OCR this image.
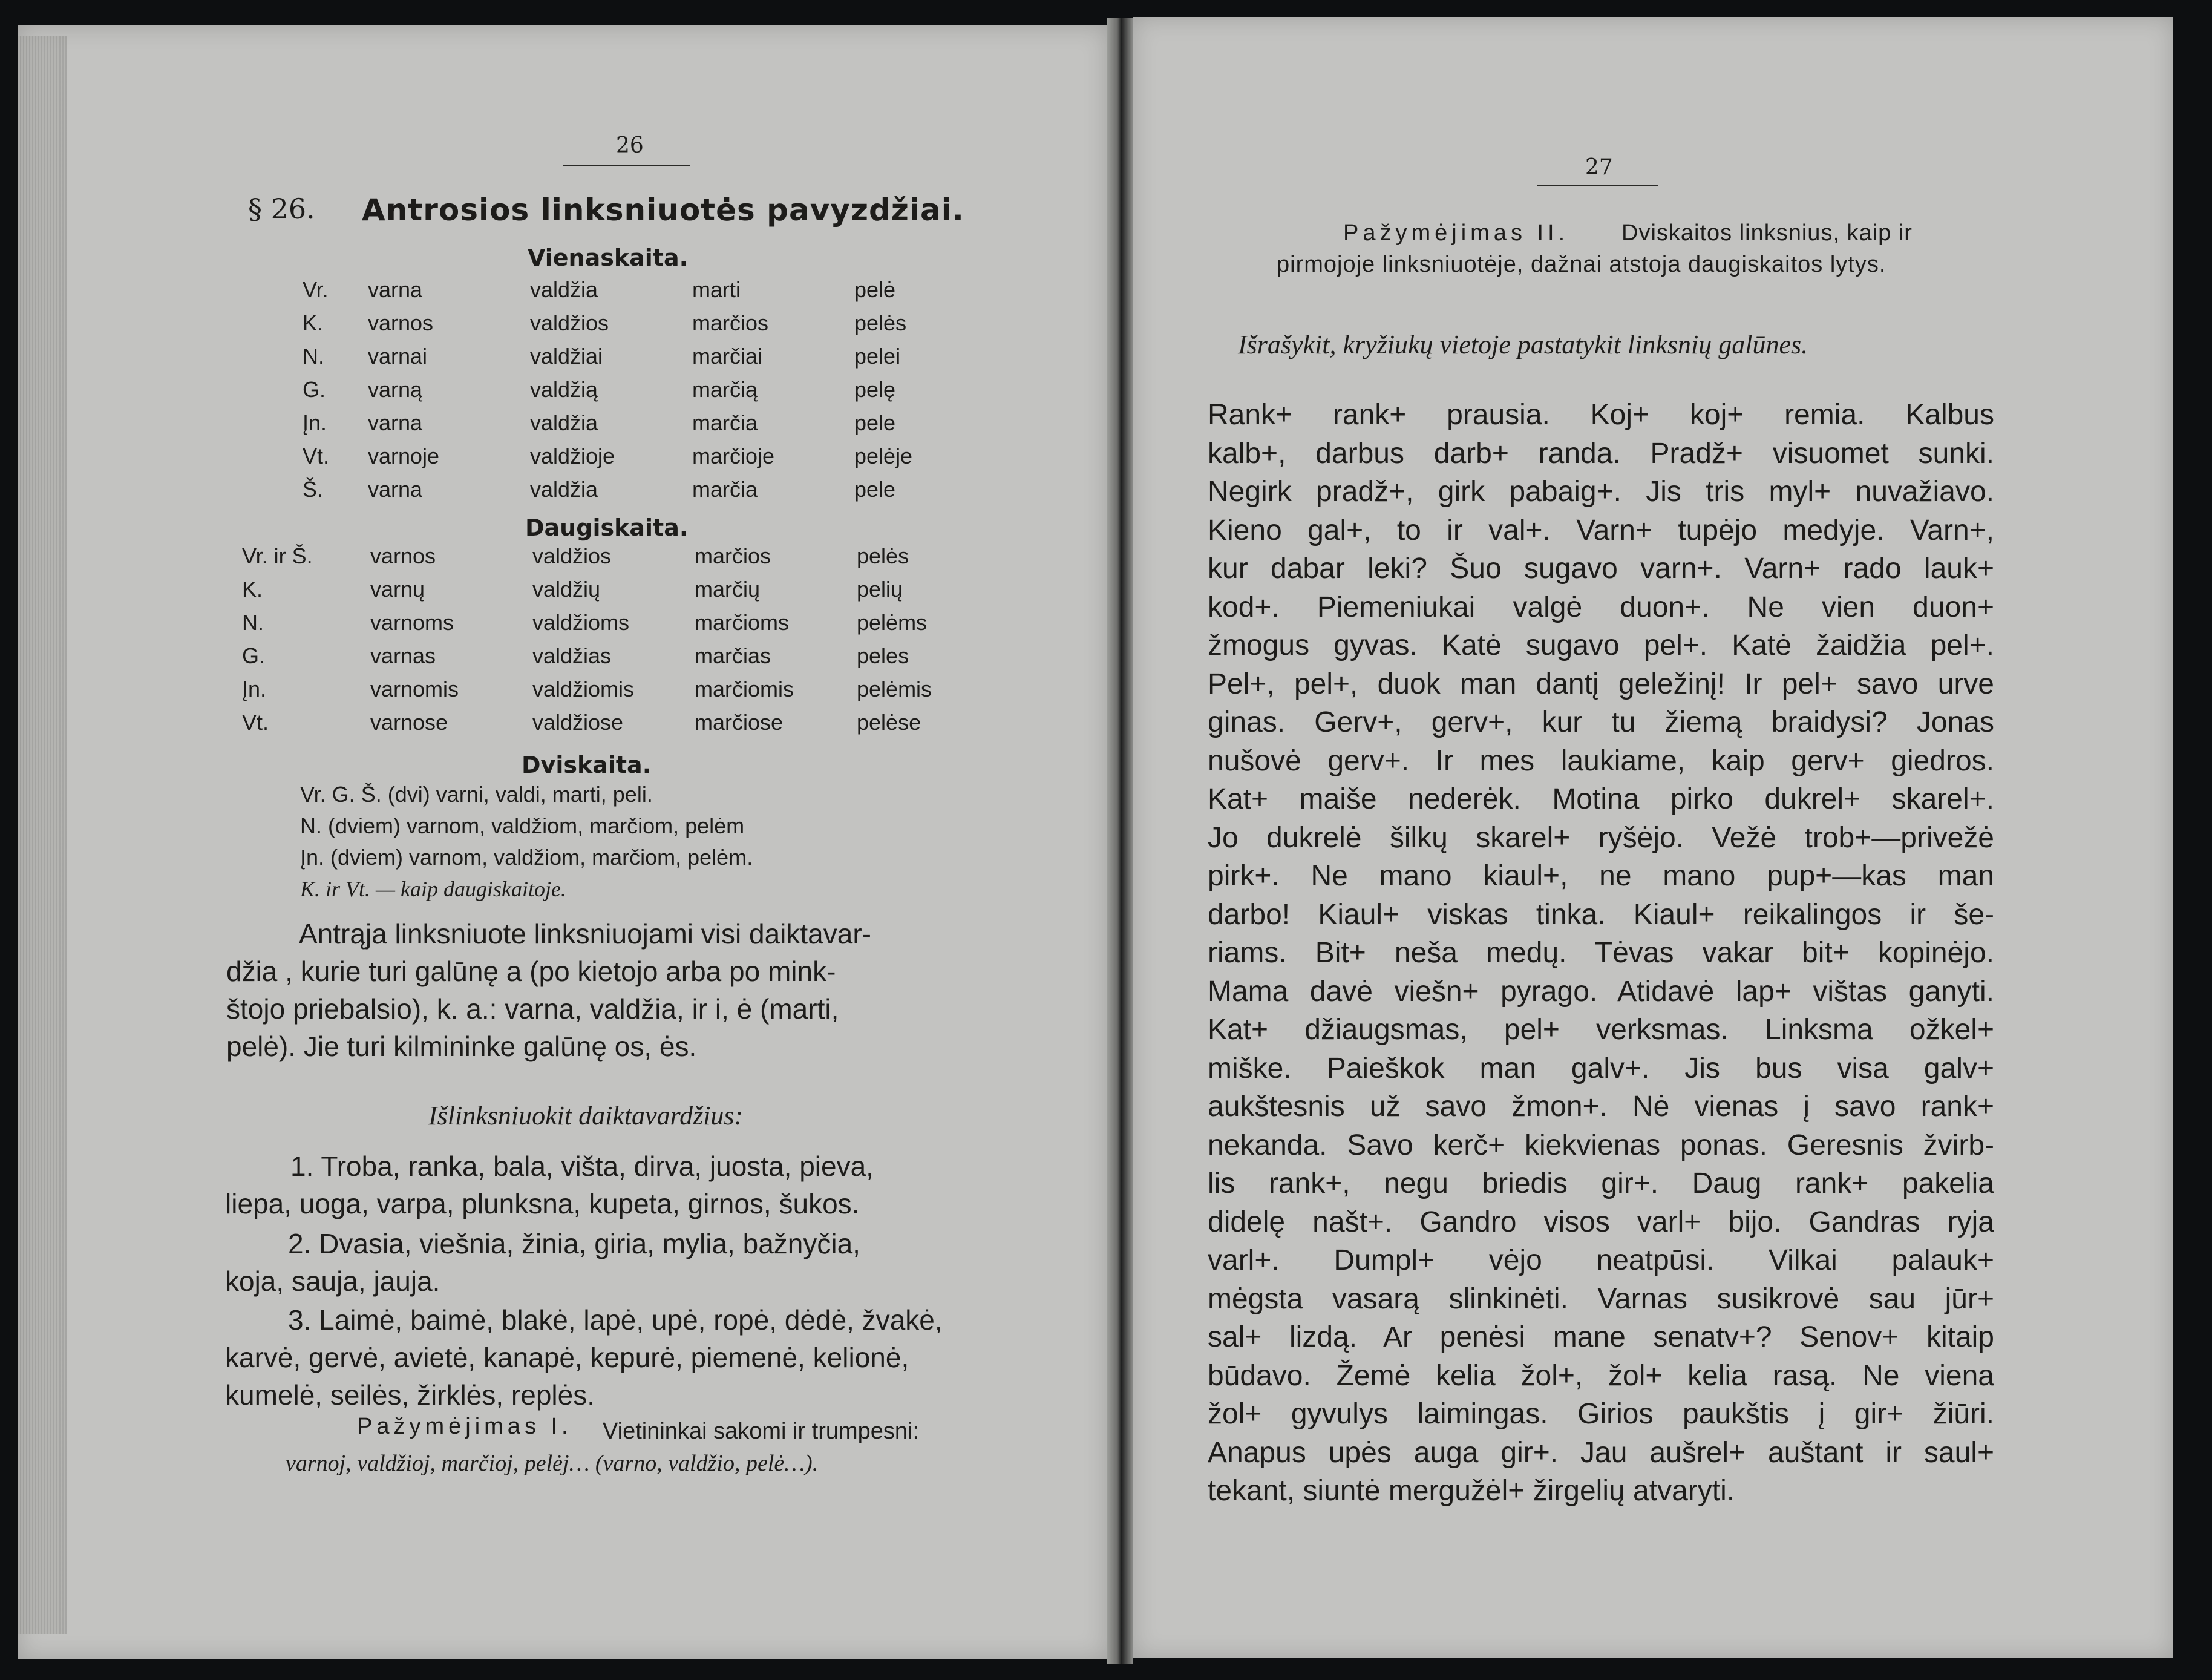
26
§ 26. Antrosios linksniuotės pavyzdžiai.
Vienaskaita.
Vr.	varna	valdžia	marti	pelė
K.	varnos	valdžios	marčios	pelės
N.	varnai	valdžiai	marčiai	pelei
G.	varną	valdžią	marčią	pelę
Įn.	varna	valdžia	marčia	pele
Vt.	varnoje	valdžioje	marčioje	pelėje
Š.	varna	valdžia	marčia	pele
Daugiskaita.
Vr. ir Š.	varnos	valdžios	marčios	pelės
K.	varnų	valdžių	marčių	pelių
N.	varnoms	valdžioms	marčioms	pelėms
G.	varnas	valdžias	marčias	peles
Įn.	varnomis	valdžiomis	marčiomis	pelėmis
Vt.	varnose	valdžiose	marčiose	pelėse
Dviskaita.
Vr. G. Š. (dvi) varni, valdi, marti, peli.
N. (dviem) varnom, valdžiom, marčiom, pelėm
Įn. (dviem) varnom, valdžiom, marčiom, pelėm.
K. ir Vt. — kaip daugiskaitoje.
Antrąja linksniuote linksniuojami visi daiktavar-
džia , kurie turi galūnę a (po kietojo arba po mink-
štojo priebalsio), k. a.: varna, valdžia, ir i, ė (marti,
pelė). Jie turi kilmininke galūnę os, ės.
Išlinksniuokit daiktavardžius:
1. Troba, ranka, bala, višta, dirva, juosta, pieva,
liepa, uoga, varpa, plunksna, kupeta, girnos, šukos.
2. Dvasia, viešnia, žinia, giria, mylia, bažnyčia,
koja, sauja, jauja.
3. Laimė, baimė, blakė, lapė, upė, ropė, dėdė, žvakė,
karvė, gervė, avietė, kanapė, kepurė, piemenė, kelionė,
kumelė, seilės, žirklės, replės.
Pažymėjimas I. Vietininkai sakomi ir trumpesni:
varnoj, valdžioj, marčioj, pelėj… (varno, valdžio, pelė…).
27
Pažymėjimas II. Dviskaitos linksnius, kaip ir
pirmojoje linksniuotėje, dažnai atstoja daugiskaitos lytys.
Išrašykit, kryžiukų vietoje pastatykit linksnių galūnes.
Rank+ rank+ prausia. Koj+ koj+ remia. Kalbus
kalb+, darbus darb+ randa. Pradž+ visuomet sunki.
Negirk pradž+, girk pabaig+. Jis tris myl+ nuvažiavo.
Kieno gal+, to ir val+. Varn+ tupėjo medyje. Varn+,
kur dabar leki? Šuo sugavo varn+. Varn+ rado lauk+
kod+. Piemeniukai valgė duon+. Ne vien duon+
žmogus gyvas. Katė sugavo pel+. Katė žaidžia pel+.
Pel+, pel+, duok man dantį geležinį! Ir pel+ savo urve
ginas. Gerv+, gerv+, kur tu žiemą braidysi? Jonas
nušovė gerv+. Ir mes laukiame, kaip gerv+ giedros.
Kat+ maiše nederėk. Motina pirko dukrel+ skarel+.
Jo dukrelė šilkų skarel+ ryšėjo. Vežė trob+—privežė
pirk+. Ne mano kiaul+, ne mano pup+—kas man
darbo! Kiaul+ viskas tinka. Kiaul+ reikalingos ir še-
riams. Bit+ neša medų. Tėvas vakar bit+ kopinėjo.
Mama davė viešn+ pyrago. Atidavė lap+ vištas ganyti.
Kat+ džiaugsmas, pel+ verksmas. Linksma ožkel+
miške. Paieškok man galv+. Jis bus visa galv+
aukštesnis už savo žmon+. Nė vienas į savo rank+
nekanda. Savo kerč+ kiekvienas ponas. Geresnis žvirb-
lis rank+, negu briedis gir+. Daug rank+ pakelia
didelę našt+. Gandro visos varl+ bijo. Gandras ryja
varl+. Dumpl+ vėjo neatpūsi. Vilkai palauk+
mėgsta vasarą slinkinėti. Varnas susikrovė sau jūr+
sal+ lizdą. Ar penėsi mane senatv+? Senov+ kitaip
būdavo. Žemė kelia žol+, žol+ kelia rasą. Ne viena
žol+ gyvulys laimingas. Girios paukštis į gir+ žiūri.
Anapus upės auga gir+. Jau aušrel+ auštant ir saul+
tekant, siuntė mergužėl+ žirgelių atvaryti.
